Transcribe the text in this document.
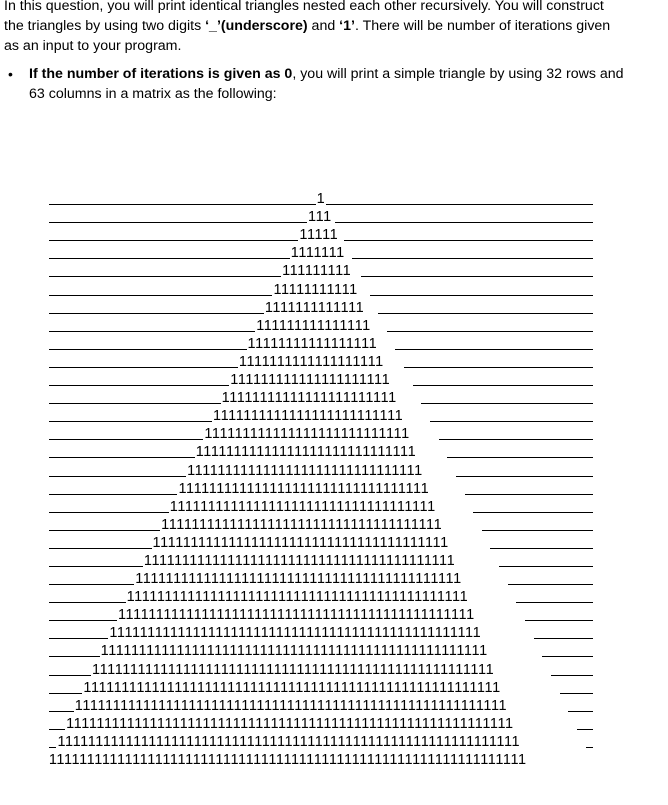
In this question, you will print identical triangles nested each other recursively. You will construct
the triangles by using two digits ‘_’(underscore) and ‘1’. There will be number of iterations given
as an input to your program.
• If the number of iterations is given as 0, you will print a simple triangle by using 32 rows and
63 columns in a matrix as the following:
1
111
11111
1111111
111111111
11111111111
1111111111111
111111111111111
11111111111111111
1111111111111111111
111111111111111111111
11111111111111111111111
1111111111111111111111111
111111111111111111111111111
11111111111111111111111111111
1111111111111111111111111111111
111111111111111111111111111111111
11111111111111111111111111111111111
1111111111111111111111111111111111111
111111111111111111111111111111111111111
11111111111111111111111111111111111111111
1111111111111111111111111111111111111111111
111111111111111111111111111111111111111111111
11111111111111111111111111111111111111111111111
1111111111111111111111111111111111111111111111111
111111111111111111111111111111111111111111111111111
11111111111111111111111111111111111111111111111111111
1111111111111111111111111111111111111111111111111111111
111111111111111111111111111111111111111111111111111111111
11111111111111111111111111111111111111111111111111111111111
1111111111111111111111111111111111111111111111111111111111111
111111111111111111111111111111111111111111111111111111111111111
